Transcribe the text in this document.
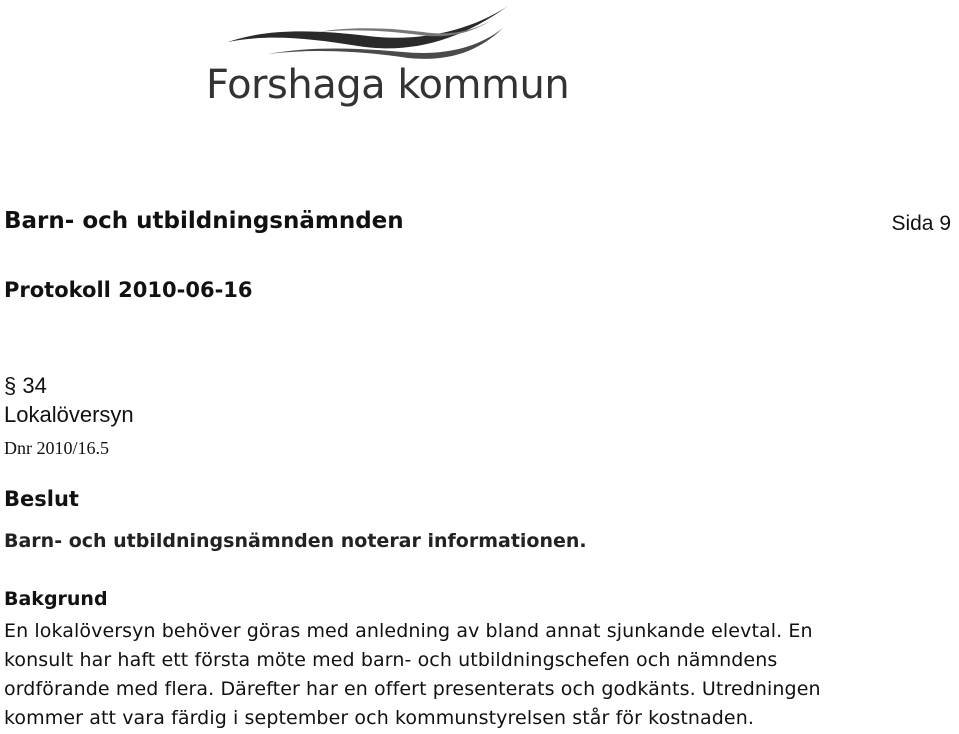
Forshaga kommun
Barn- och utbildningsnämnden	Sida 9
Protokoll 2010-06-16
§ 34
Lokalöversyn
Dnr 2010/16.5
Beslut
Barn- och utbildningsnämnden noterar informationen.
Bakgrund
En lokalöversyn behöver göras med anledning av bland annat sjunkande elevtal. En
konsult har haft ett första möte med barn- och utbildningschefen och nämndens
ordförande med flera. Därefter har en offert presenterats och godkänts. Utredningen
kommer att vara färdig i september och kommunstyrelsen står för kostnaden.
